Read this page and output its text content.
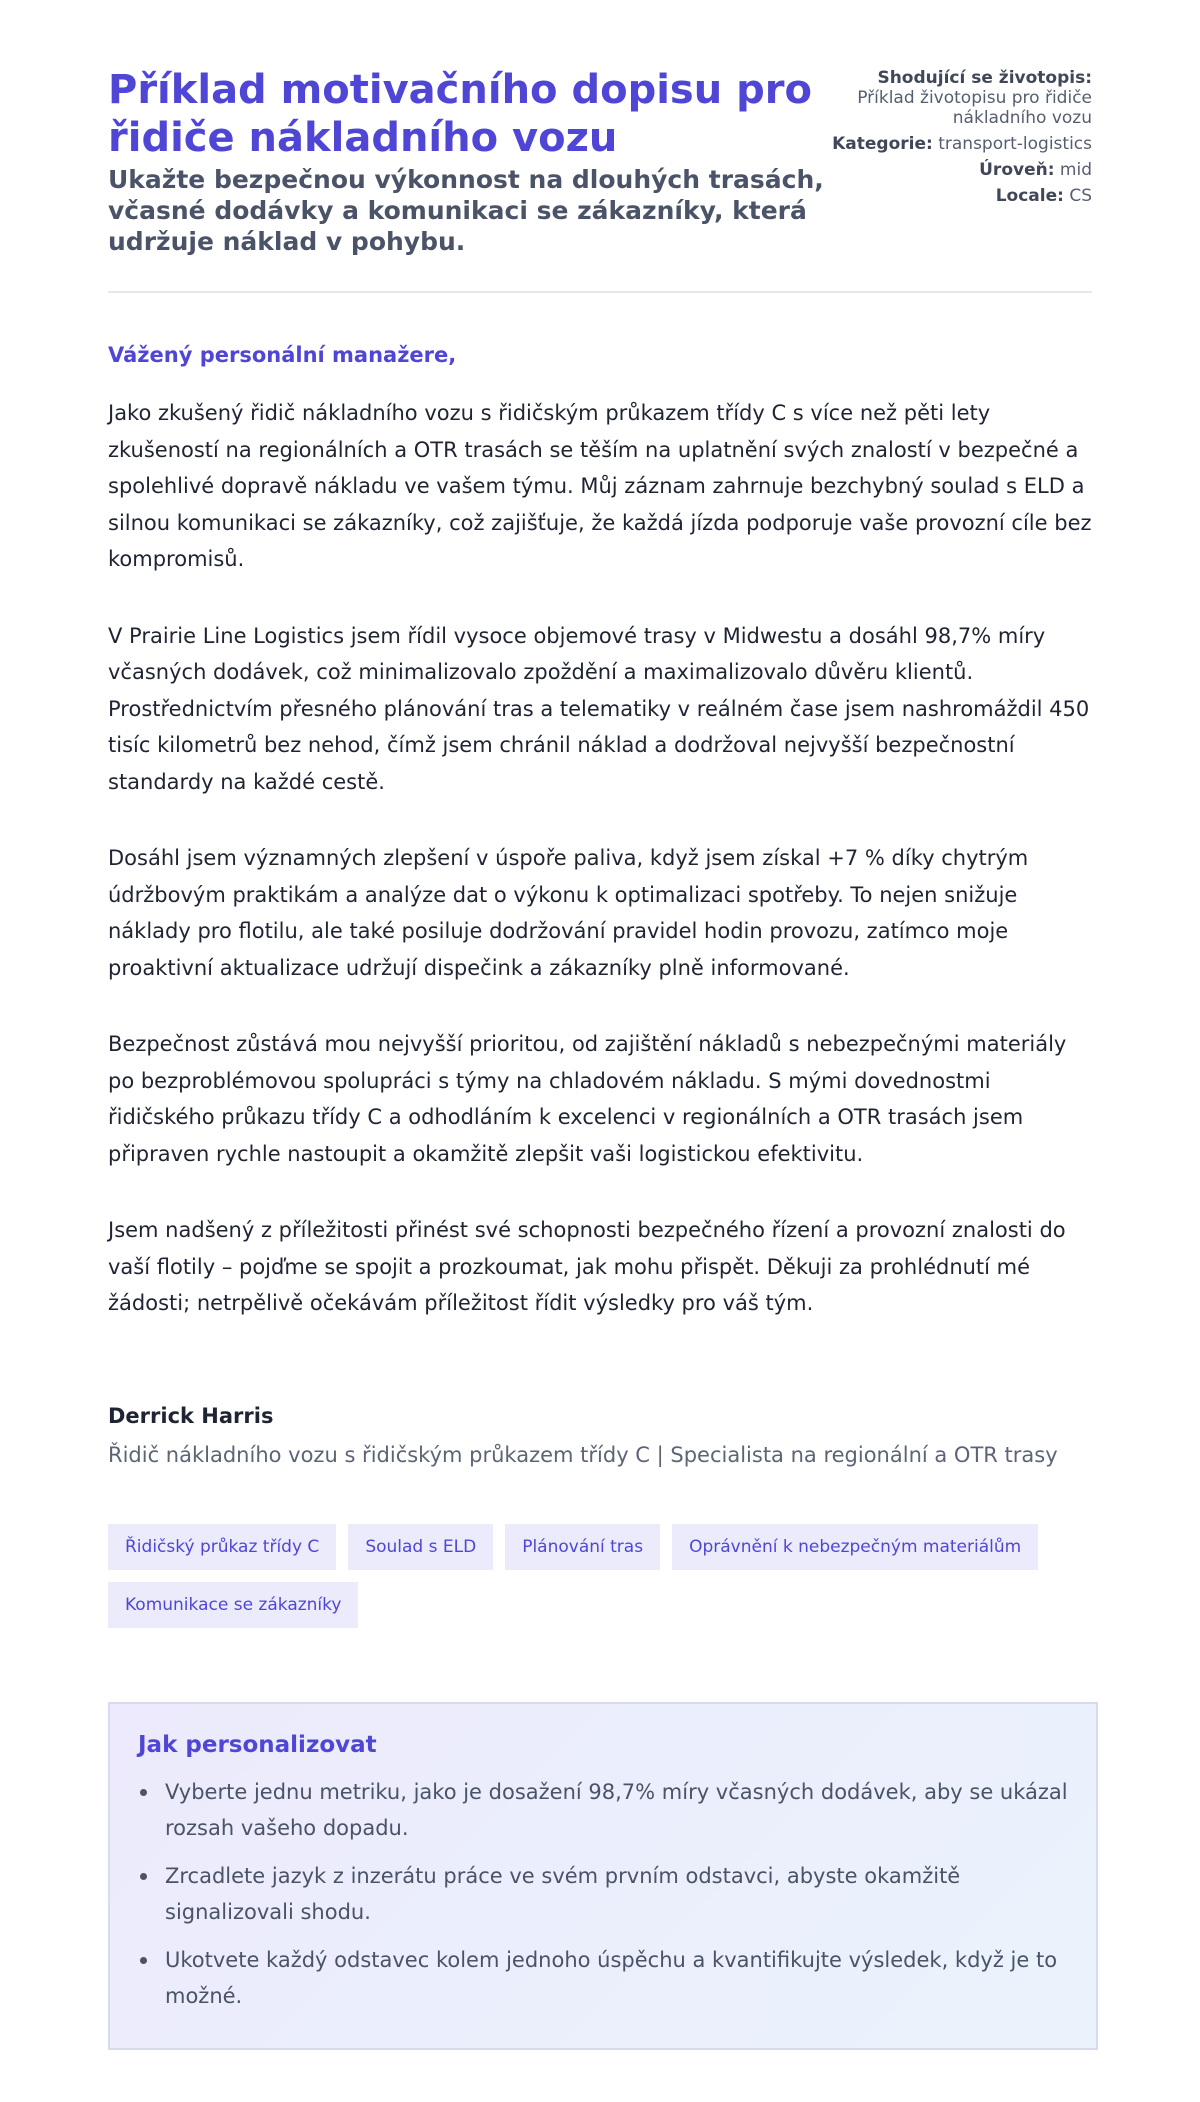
Příklad motivačního dopisu pro řidiče nákladního vozu
Ukažte bezpečnou výkonnost na dlouhých trasách, včasné dodávky a komunikaci se zákazníky, která udržuje náklad v pohybu.
Shodující se životopis: Příklad životopisu pro řidiče nákladního vozu
Kategorie: transport-logistics
Úroveň: mid
Locale: CS

Vážený personální manažere,

Jako zkušený řidič nákladního vozu s řidičským průkazem třídy C s více než pěti lety zkušeností na regionálních a OTR trasách se těším na uplatnění svých znalostí v bezpečné a spolehlivé dopravě nákladu ve vašem týmu. Můj záznam zahrnuje bezchybný soulad s ELD a silnou komunikaci se zákazníky, což zajišťuje, že každá jízda podporuje vaše provozní cíle bez kompromisů.

V Prairie Line Logistics jsem řídil vysoce objemové trasy v Midwestu a dosáhl 98,7% míry včasných dodávek, což minimalizovalo zpoždění a maximalizovalo důvěru klientů. Prostřednictvím přesného plánování tras a telematiky v reálném čase jsem nashromáždil 450 tisíc kilometrů bez nehod, čímž jsem chránil náklad a dodržoval nejvyšší bezpečnostní standardy na každé cestě.

Dosáhl jsem významných zlepšení v úspoře paliva, když jsem získal +7 % díky chytrým údržbovým praktikám a analýze dat o výkonu k optimalizaci spotřeby. To nejen snižuje náklady pro flotilu, ale také posiluje dodržování pravidel hodin provozu, zatímco moje proaktivní aktualizace udržují dispečink a zákazníky plně informované.

Bezpečnost zůstává mou nejvyšší prioritou, od zajištění nákladů s nebezpečnými materiály po bezproblémovou spolupráci s týmy na chladovém nákladu. S mými dovednostmi řidičského průkazu třídy C a odhodláním k excelenci v regionálních a OTR trasách jsem připraven rychle nastoupit a okamžitě zlepšit vaši logistickou efektivitu.

Jsem nadšený z příležitosti přinést své schopnosti bezpečného řízení a provozní znalosti do vaší flotily – pojďme se spojit a prozkoumat, jak mohu přispět. Děkuji za prohlédnutí mé žádosti; netrpělivě očekávám příležitost řídit výsledky pro váš tým.

Derrick Harris
Řidič nákladního vozu s řidičským průkazem třídy C | Specialista na regionální a OTR trasy
Řidičský průkaz třídy C	Soulad s ELD	Plánování tras	Oprávnění k nebezpečným materiálům
Komunikace se zákazníky
Jak personalizovat
Vyberte jednu metriku, jako je dosažení 98,7% míry včasných dodávek, aby se ukázal rozsah vašeho dopadu.
Zrcadlete jazyk z inzerátu práce ve svém prvním odstavci, abyste okamžitě signalizovali shodu.
Ukotvete každý odstavec kolem jednoho úspěchu a kvantifikujte výsledek, když je to možné.
